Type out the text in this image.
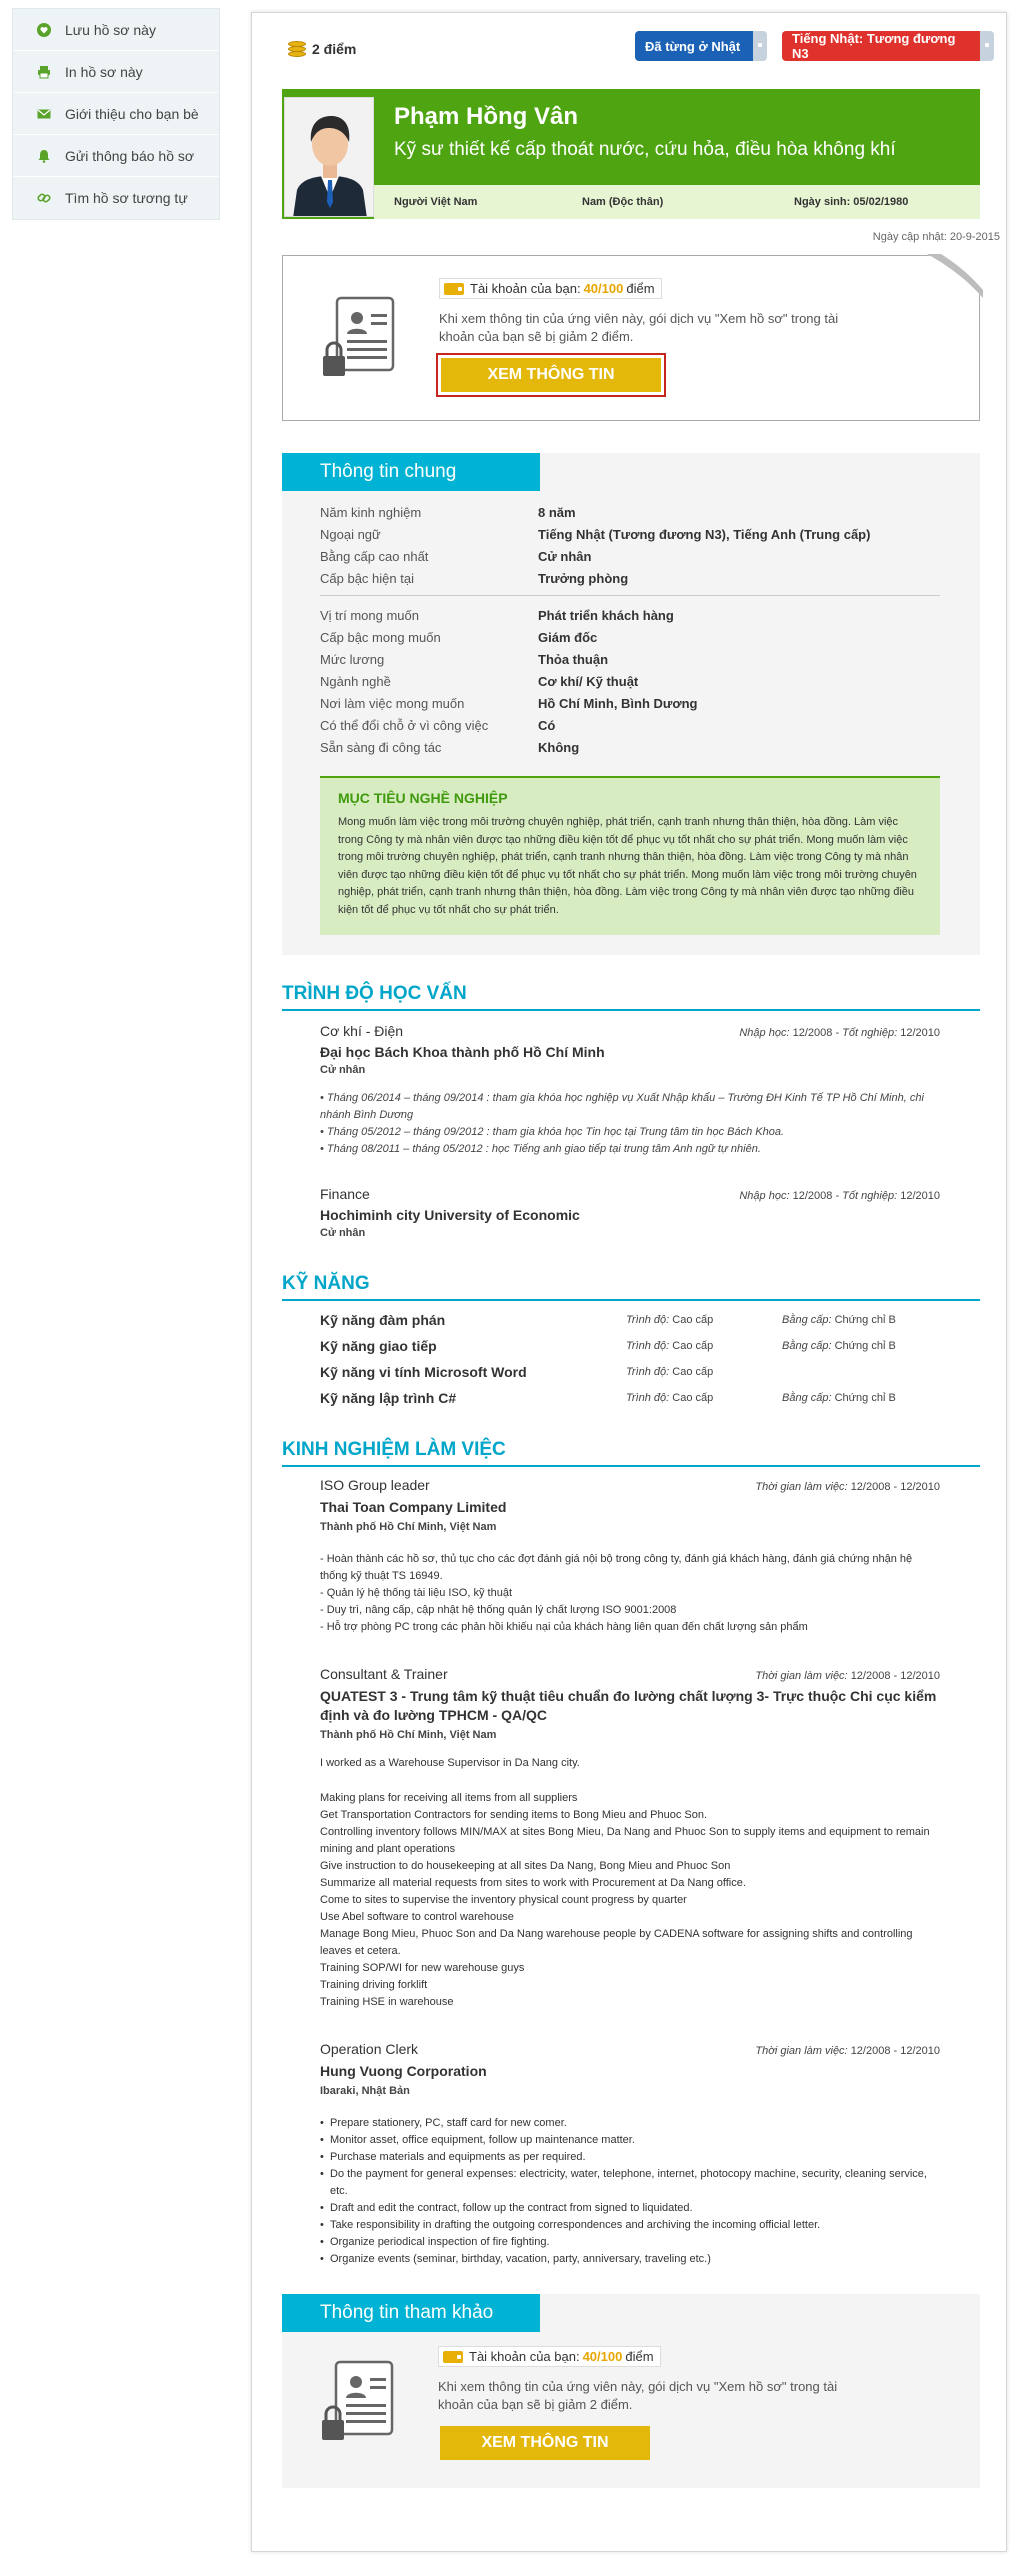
Lưu hồ sơ này
In hồ sơ này
Giới thiệu cho bạn bè
Gửi thông báo hồ sơ
Tìm hồ sơ tương tự
2 điểm	Đã từng ở Nhật	Tiếng Nhật: Tương đương N3
Phạm Hồng Vân
Kỹ sư thiết kế cấp thoát nước, cứu hỏa, điều hòa không khí
Người Việt Nam	Nam (Độc thân)	Ngày sinh: 05/02/1980
Ngày cập nhật: 20-9-2015
Tài khoản của bạn: 40/100 điểm
Khi xem thông tin của ứng viên này, gói dịch vụ "Xem hồ sơ" trong tài khoản của bạn sẽ bị giảm 2 điểm.
XEM THÔNG TIN
Thông tin chung
Năm kinh nghiệm	8 năm
Ngoại ngữ	Tiếng Nhật (Tương đương N3), Tiếng Anh (Trung cấp)
Bằng cấp cao nhất	Cử nhân
Cấp bậc hiện tại	Trưởng phòng
Vị trí mong muốn	Phát triển khách hàng
Cấp bậc mong muốn	Giám đốc
Mức lương	Thỏa thuận
Ngành nghề	Cơ khí/ Kỹ thuật
Nơi làm việc mong muốn	Hồ Chí Minh, Bình Dương
Có thể đổi chỗ ở vì công việc	Có
Sẵn sàng đi công tác	Không
MỤC TIÊU NGHỀ NGHIỆP

Mong muốn làm việc trong môi trường chuyên nghiệp, phát triển, cạnh tranh nhưng thân thiện, hòa đồng. Làm việc trong Công ty mà nhân viên được tạo những điều kiện tốt để phục vụ tốt nhất cho sự phát triển. Mong muốn làm việc trong môi trường chuyên nghiệp, phát triển, cạnh tranh nhưng thân thiện, hòa đồng. Làm việc trong Công ty mà nhân viên được tạo những điều kiện tốt để phục vụ tốt nhất cho sự phát triển. Mong muốn làm việc trong môi trường chuyên nghiệp, phát triển, cạnh tranh nhưng thân thiện, hòa đồng. Làm việc trong Công ty mà nhân viên được tạo những điều kiện tốt để phục vụ tốt nhất cho sự phát triển.

TRÌNH ĐỘ HỌC VẤN
Cơ khí - Điện	Nhập học: 12/2008 - Tốt nghiệp: 12/2010
Đại học Bách Khoa thành phố Hồ Chí Minh
Cử nhân
• Tháng 06/2014 – tháng 09/2014 : tham gia khóa học nghiệp vụ Xuất Nhập khẩu – Trường ĐH Kinh Tế TP Hồ Chí Minh, chi nhánh Bình Dương
• Tháng 05/2012 – tháng 09/2012 : tham gia khóa học Tin học tại Trung tâm tin học Bách Khoa.
• Tháng 08/2011 – tháng 05/2012 : học Tiếng anh giao tiếp tại trung tâm Anh ngữ tự nhiên.
Finance	Nhập học: 12/2008 - Tốt nghiệp: 12/2010
Hochiminh city University of Economic
Cử nhân
KỸ NĂNG
Kỹ năng đàm phán	Trình độ: Cao cấp	Bằng cấp: Chứng chỉ B
Kỹ năng giao tiếp	Trình độ: Cao cấp	Bằng cấp: Chứng chỉ B
Kỹ năng vi tính Microsoft Word	Trình độ: Cao cấp
Kỹ năng lập trình C#	Trình độ: Cao cấp	Bằng cấp: Chứng chỉ B
KINH NGHIỆM LÀM VIỆC
ISO Group leader	Thời gian làm việc: 12/2008 - 12/2010
Thai Toan Company Limited
Thành phố Hồ Chí Minh, Việt Nam
- Hoàn thành các hồ sơ, thủ tục cho các đợt đánh giá nội bộ trong công ty, đánh giá khách hàng, đánh giá chứng nhận hệ thống kỹ thuật TS 16949.
- Quản lý hệ thống tài liệu ISO, kỹ thuật
- Duy trì, nâng cấp, cập nhật hệ thống quản lý chất lượng ISO 9001:2008
- Hỗ trợ phòng PC trong các phản hồi khiếu nại của khách hàng liên quan đến chất lượng sản phẩm
Consultant & Trainer	Thời gian làm việc: 12/2008 - 12/2010
QUATEST 3 - Trung tâm kỹ thuật tiêu chuẩn đo lường chất lượng 3- Trực thuộc Chi cục kiểm định và đo lường TPHCM - QA/QC
Thành phố Hồ Chí Minh, Việt Nam
I worked as a Warehouse Supervisor in Da Nang city.
Making plans for receiving all items from all suppliers
Get Transportation Contractors for sending items to Bong Mieu and Phuoc Son.
Controlling inventory follows MIN/MAX at sites Bong Mieu, Da Nang and Phuoc Son to supply items and equipment to remain mining and plant operations
Give instruction to do housekeeping at all sites Da Nang, Bong Mieu and Phuoc Son
Summarize all material requests from sites to work with Procurement at Da Nang office.
Come to sites to supervise the inventory physical count progress by quarter
Use Abel software to control warehouse
Manage Bong Mieu, Phuoc Son and Da Nang warehouse people by CADENA software for assigning shifts and controlling leaves et cetera.
Training SOP/WI for new warehouse guys
Training driving forklift
Training HSE in warehouse
Operation Clerk	Thời gian làm việc: 12/2008 - 12/2010
Hung Vuong Corporation
Ibaraki, Nhật Bản
• Prepare stationery, PC, staff card for new comer.
• Monitor asset, office equipment, follow up maintenance matter.
• Purchase materials and equipments as per required.
• Do the payment for general expenses: electricity, water, telephone, internet, photocopy machine, security, cleaning service, etc.
• Draft and edit the contract, follow up the contract from signed to liquidated.
• Take responsibility in drafting the outgoing correspondences and archiving the incoming official letter.
• Organize periodical inspection of fire fighting.
• Organize events (seminar, birthday, vacation, party, anniversary, traveling etc.)
Thông tin tham khảo
Tài khoản của bạn: 40/100 điểm
Khi xem thông tin của ứng viên này, gói dịch vụ "Xem hồ sơ" trong tài khoản của bạn sẽ bị giảm 2 điểm.
XEM THÔNG TIN
